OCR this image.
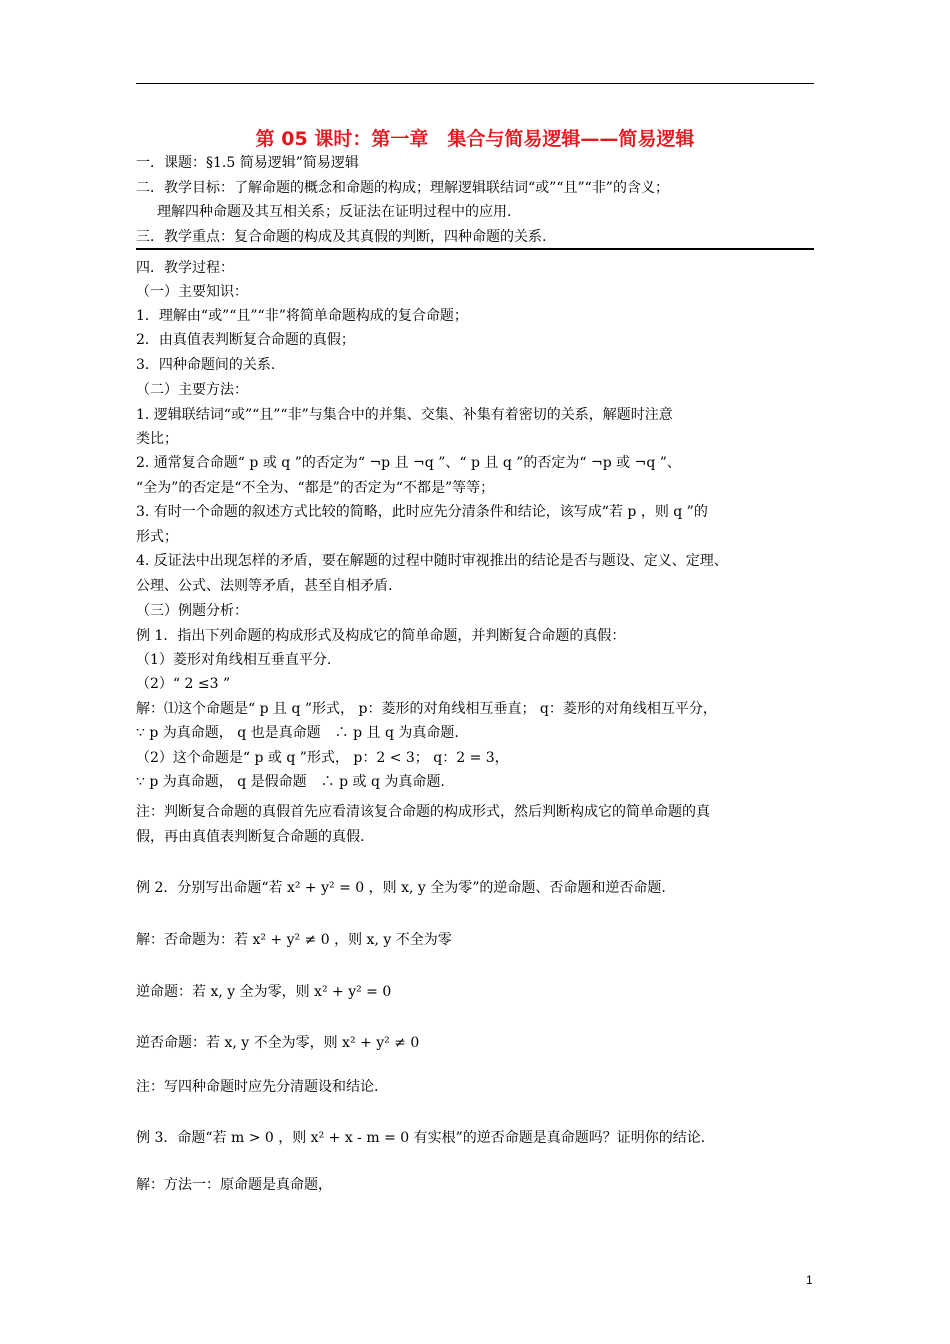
第 05 课时：第一章　集合与简易逻辑——简易逻辑
一．课题：§1.5 简易逻辑”简易逻辑
二．教学目标：了解命题的概念和命题的构成；理解逻辑联结词“或”“且”“非”的含义；
理解四种命题及其互相关系；反证法在证明过程中的应用.
三．教学重点：复合命题的构成及其真假的判断，四种命题的关系.
四．教学过程：
（一）主要知识：
1．理解由“或”“且”“非”将简单命题构成的复合命题；
2．由真值表判断复合命题的真假；
3．四种命题间的关系.
（二）主要方法：
1. 逻辑联结词“或”“且”“非”与集合中的并集、交集、补集有着密切的关系，解题时注意
类比；
2. 通常复合命题“ p 或 q ”的否定为“ ¬p 且 ¬q ”、“ p 且 q ”的否定为“ ¬p 或 ¬q ”、
“全为”的否定是“不全为、“都是”的否定为“不都是”等等；
3. 有时一个命题的叙述方式比较的简略，此时应先分清条件和结论，该写成“若 p ，则 q ”的
形式；
4. 反证法中出现怎样的矛盾，要在解题的过程中随时审视推出的结论是否与题设、定义、定理、
公理、公式、法则等矛盾，甚至自相矛盾.
（三）例题分析：
例 1．指出下列命题的构成形式及构成它的简单命题，并判断复合命题的真假：
（1）菱形对角线相互垂直平分.
（2）“ 2 ≤3 ”
解：⑴这个命题是“ p 且 q ”形式， p：菱形的对角线相互垂直； q：菱形的对角线相互平分，
∵ p 为真命题， q 也是真命题　∴ p 且 q 为真命题.
（2）这个命题是“ p 或 q ”形式， p：2 < 3； q：2 = 3，
∵ p 为真命题， q 是假命题　∴ p 或 q 为真命题.
注：判断复合命题的真假首先应看清该复合命题的构成形式，然后判断构成它的简单命题的真
假，再由真值表判断复合命题的真假.
例 2．分别写出命题“若 x² + y² = 0 ，则 x, y 全为零”的逆命题、否命题和逆否命题.
解：否命题为：若 x² + y² ≠ 0 ，则 x, y 不全为零
逆命题：若 x, y 全为零，则 x² + y² = 0
逆否命题：若 x, y 不全为零，则 x² + y² ≠ 0
注：写四种命题时应先分清题设和结论.
例 3．命题“若 m > 0 ，则 x² + x - m = 0 有实根”的逆否命题是真命题吗？证明你的结论.
解：方法一：原命题是真命题，
1
